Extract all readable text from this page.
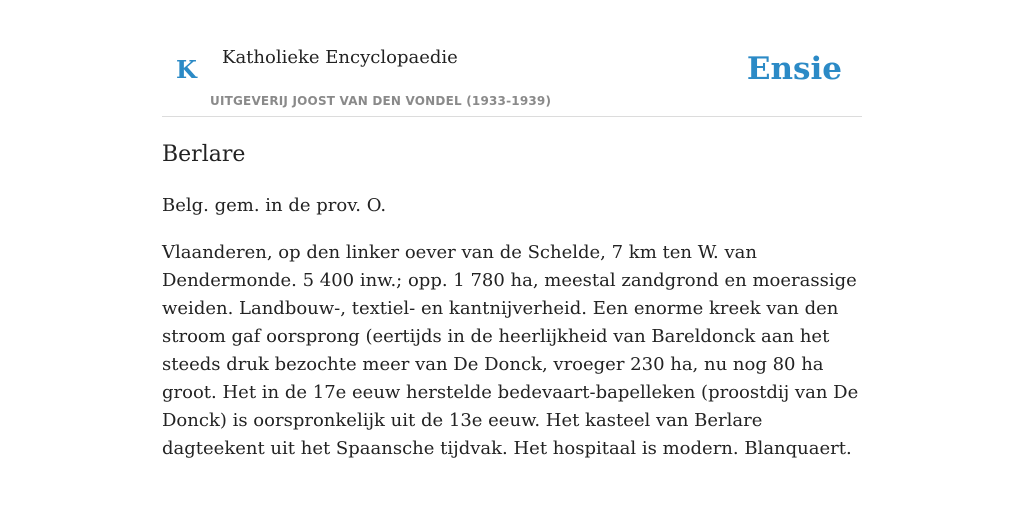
K Katholieke Encyclopaedie
UITGEVERIJ JOOST VAN DEN VONDEL (1933-1939)
Ensie
Berlare

Belg. gem. in de prov. O.

Vlaanderen, op den linker oever van de Schelde, 7 km ten W. van Dendermonde. 5 400 inw.; opp. 1 780 ha, meestal zandgrond en moerassige weiden. Landbouw-, textiel- en kantnijverheid. Een enorme kreek van den stroom gaf oorsprong (eertijds in de heerlijkheid van Bareldonck aan het steeds druk bezochte meer van De Donck, vroeger 230 ha, nu nog 80 ha groot. Het in de 17e eeuw herstelde bedevaart-bapelleken (proostdij van De Donck) is oorspronkelijk uit de 13e eeuw. Het kasteel van Berlare dagteekent uit het Spaansche tijdvak. Het hospitaal is modern. Blanquaert.
